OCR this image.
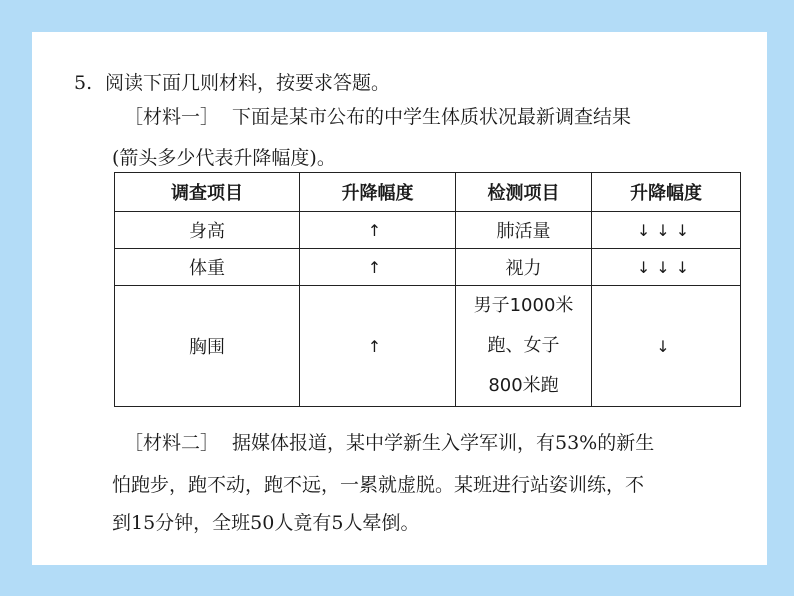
5. 阅读下面几则材料，按要求答题。
［材料一］ 下面是某市公布的中学生体质状况最新调查结果
(箭头多少代表升降幅度)。
调查项目	升降幅度	检测项目	升降幅度
身高	↑	肺活量	↓↓↓
体重	↑	视力	↓↓↓
胸围	↑	男子1000米
跑、女子
800米跑	↓
［材料二］ 据媒体报道，某中学新生入学军训，有53%的新生
怕跑步，跑不动，跑不远，一累就虚脱。某班进行站姿训练，不
到15分钟，全班50人竟有5人晕倒。
